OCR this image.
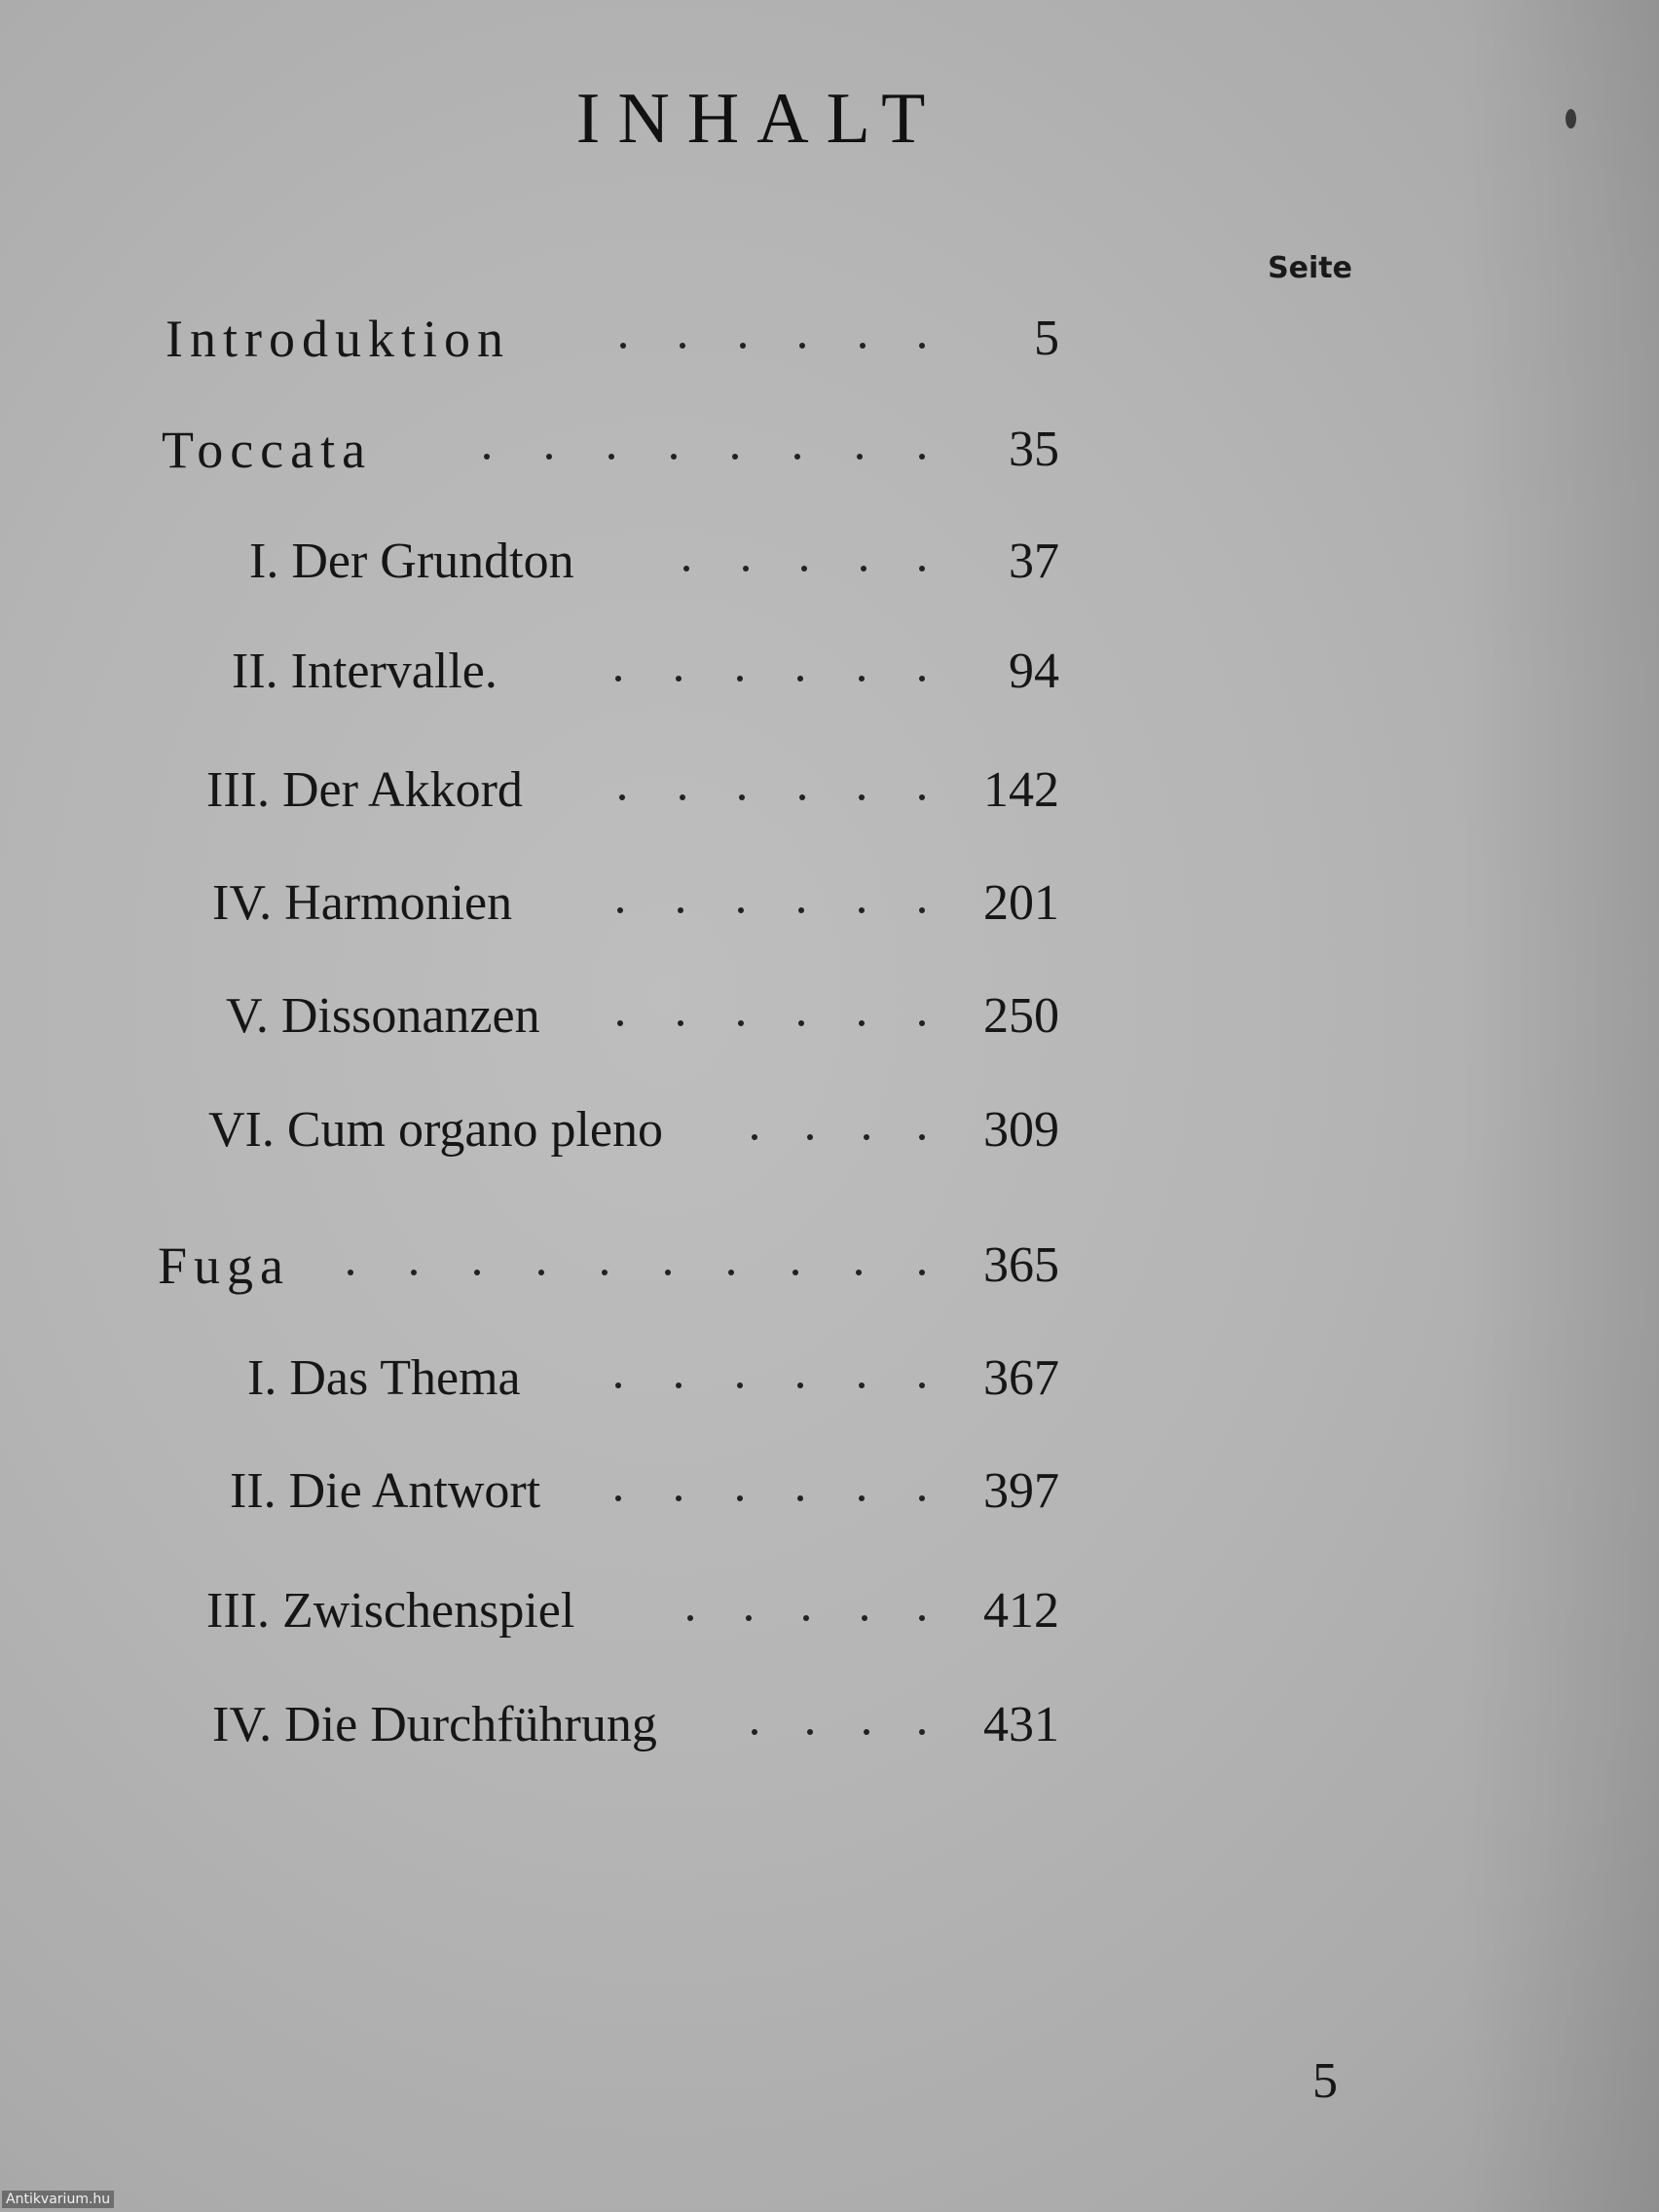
INHALT
Seite
Introduktion	5
Toccata	35
I. Der Grundton	37
II. Intervalle.	94
III. Der Akkord	142
IV. Harmonien	201
V. Dissonanzen	250
VI. Cum organo pleno	309
Fuga	365
I. Das Thema	367
II. Die Antwort	397
III. Zwischenspiel	412
IV. Die Durchführung	431
5
Antikvarium.hu
